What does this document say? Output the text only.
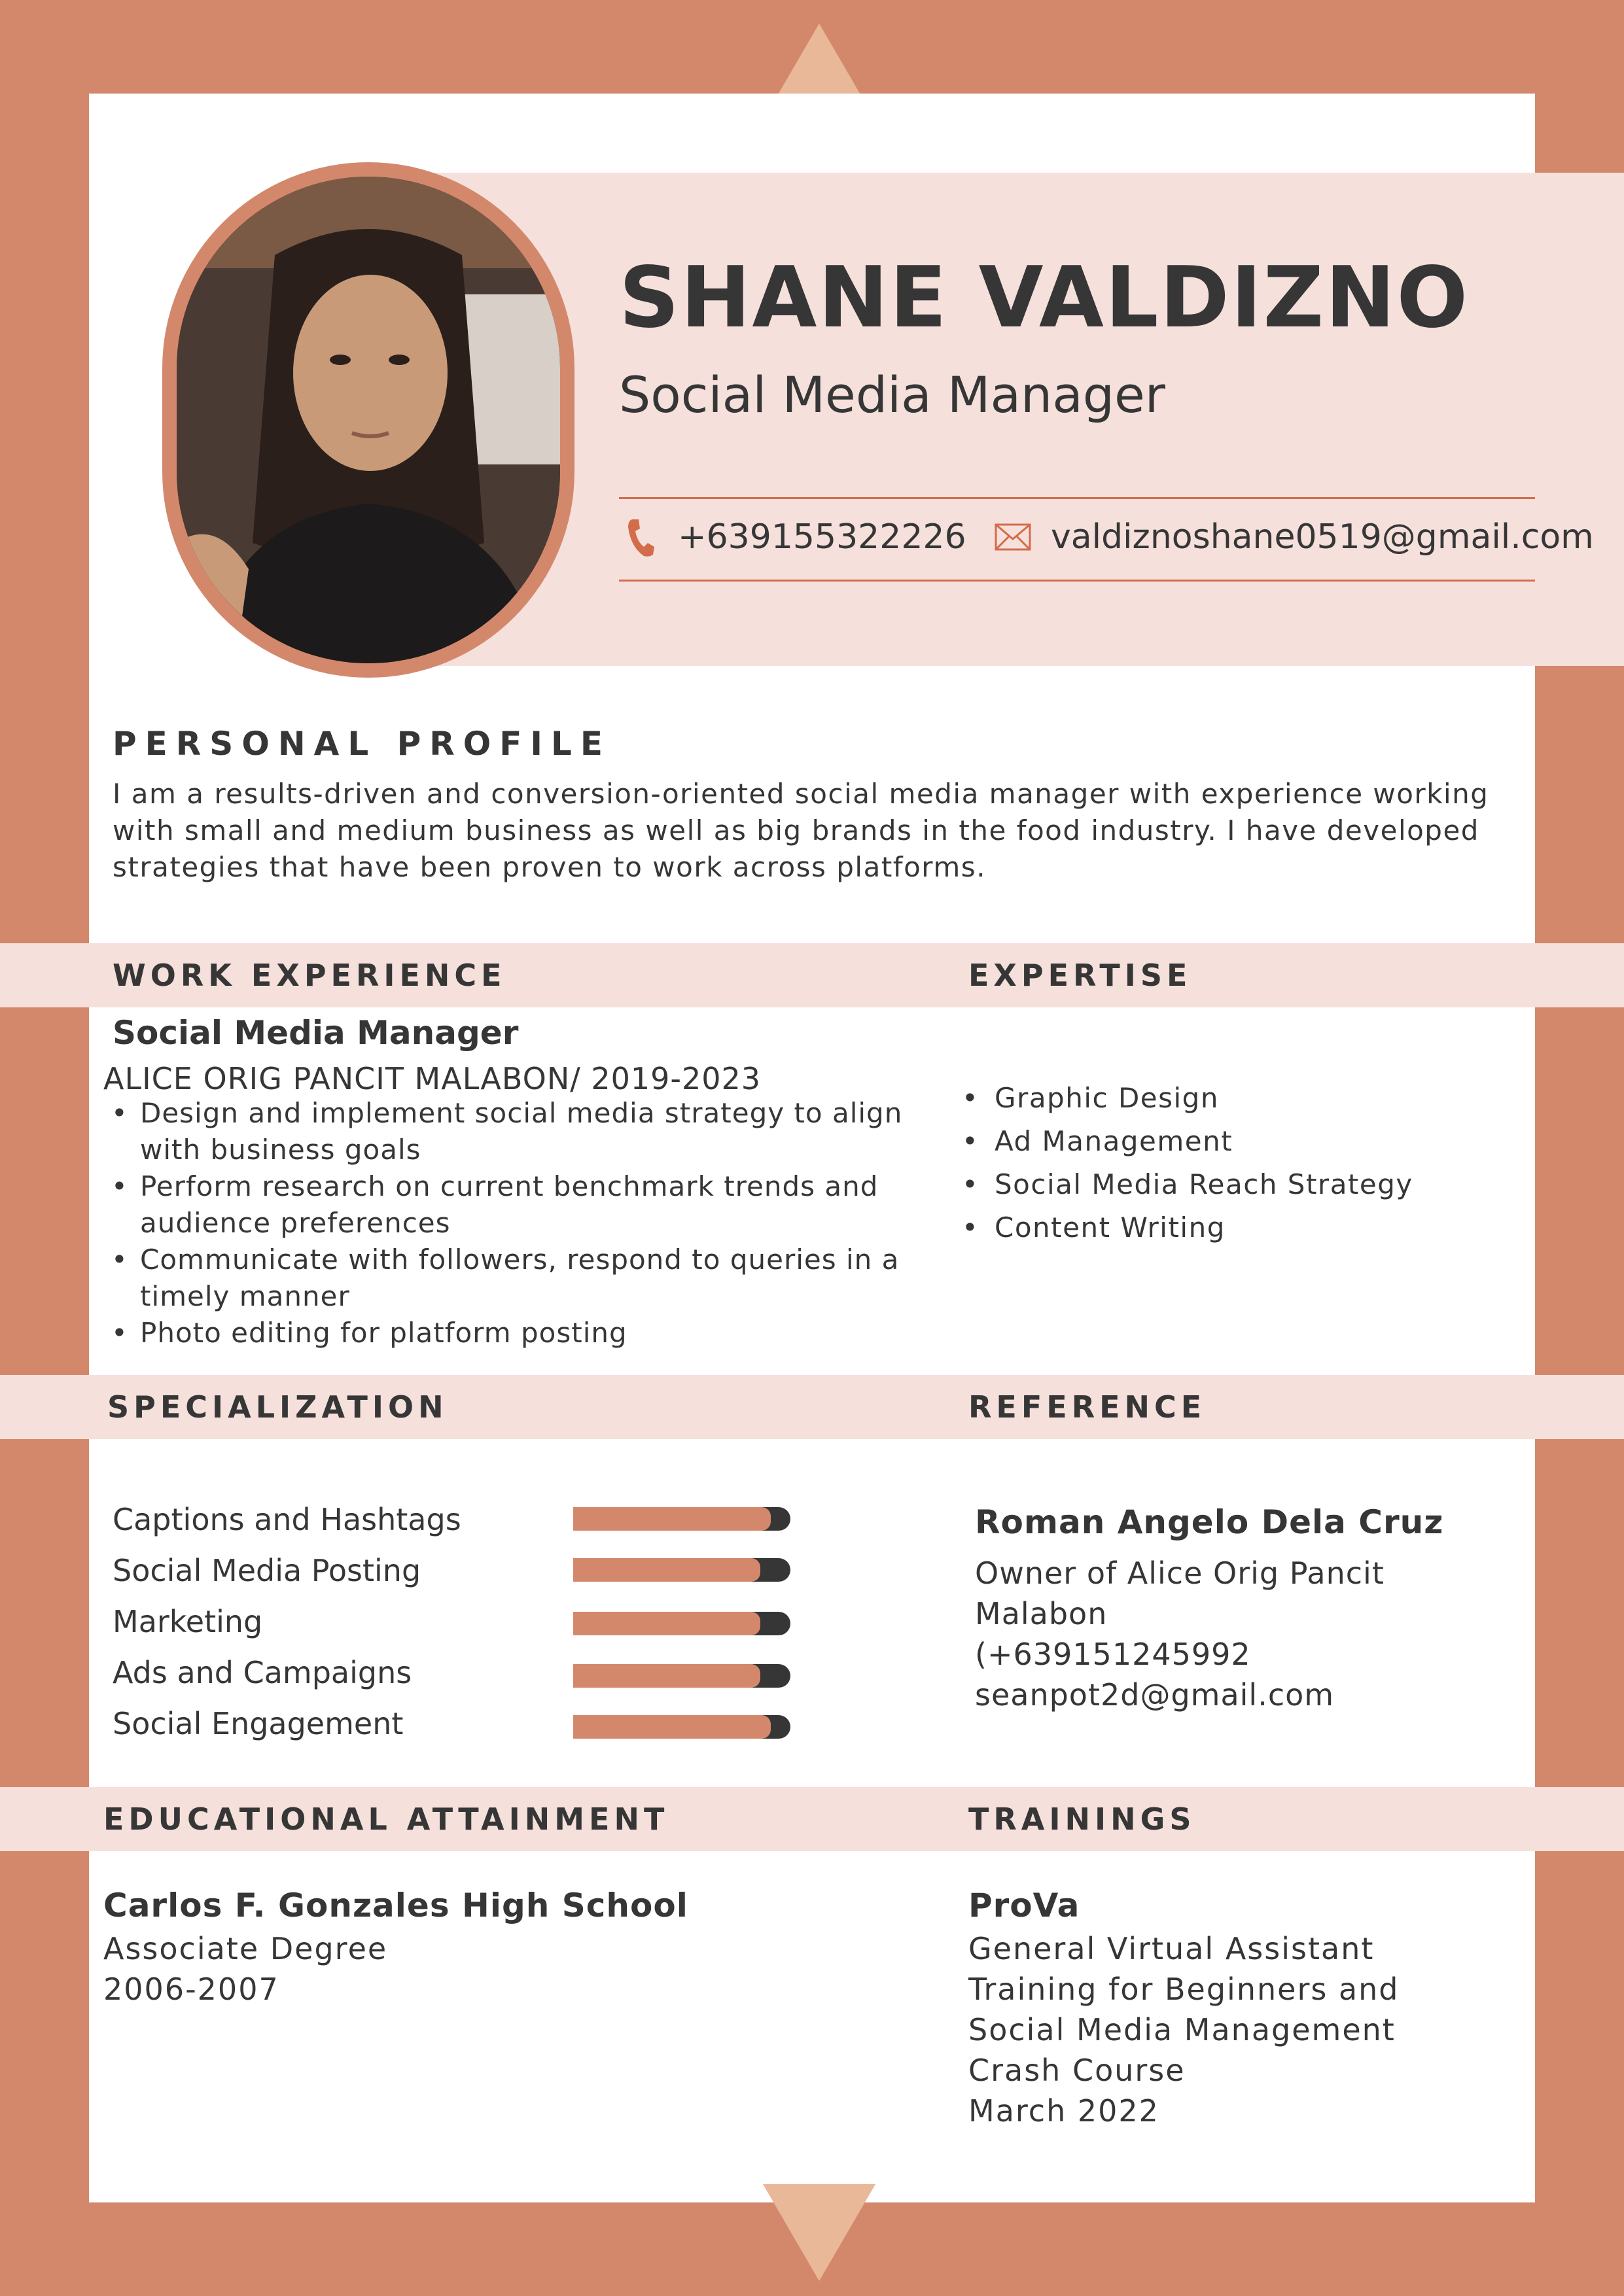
SHANE VALDIZNO
Social Media Manager
+639155322226 valdiznoshane0519@gmail.com
PERSONAL PROFILE
I am a results-driven and conversion-oriented social media manager with experience working with small and medium business as well as big brands in the food industry. I have developed strategies that have been proven to work across platforms.
WORK EXPERIENCE	EXPERTISE
Social Media Manager
ALICE ORIG PANCIT MALABON/ 2019-2023
• Design and implement social media strategy to align with business goals
• Perform research on current benchmark trends and audience preferences
• Communicate with followers, respond to queries in a timely manner
• Photo editing for platform posting
• Graphic Design
• Ad Management
• Social Media Reach Strategy
• Content Writing
SPECIALIZATION	REFERENCE
Captions and Hashtags
Social Media Posting
Marketing
Ads and Campaigns
Social Engagement
Roman Angelo Dela Cruz
Owner of Alice Orig Pancit
Malabon
(+639151245992
seanpot2d@gmail.com
EDUCATIONAL ATTAINMENT	TRAININGS
Carlos F. Gonzales High School
Associate Degree
2006-2007
ProVa
General Virtual Assistant
Training for Beginners and
Social Media Management
Crash Course
March 2022
